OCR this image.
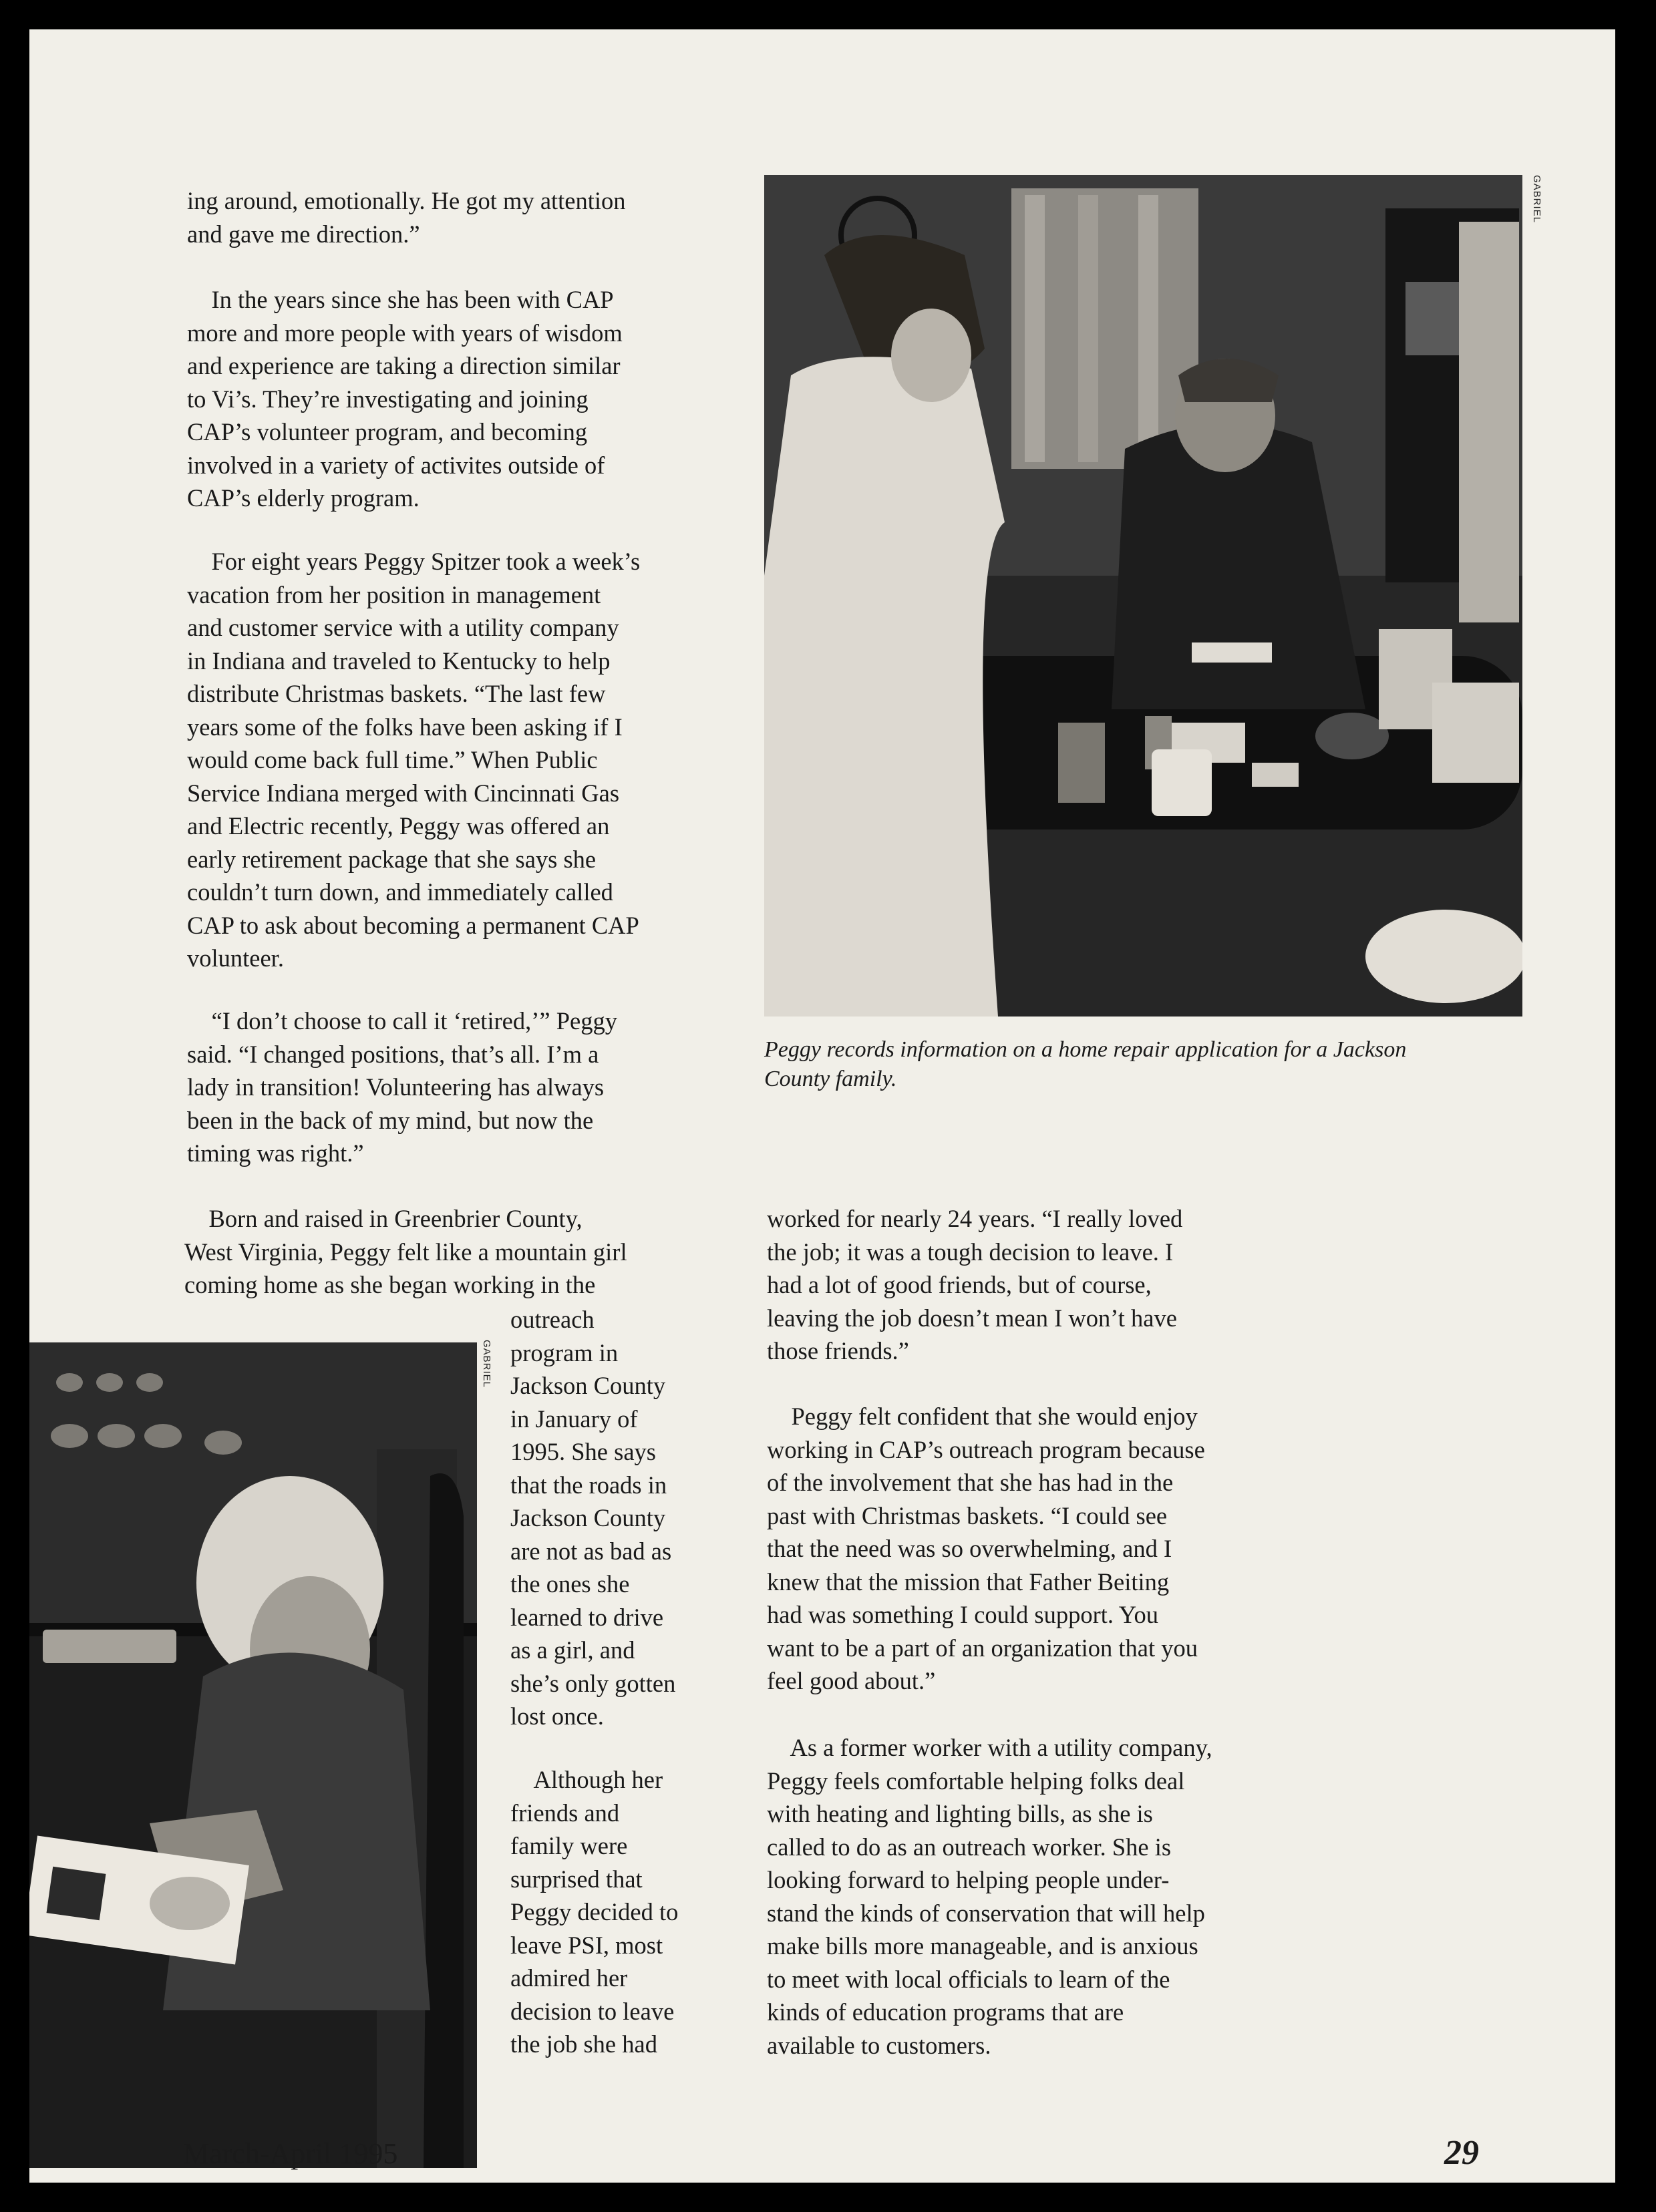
ing around, emotionally. He got my attention
and gave me direction.”

In the years since she has been with CAP
more and more people with years of wisdom
and experience are taking a direction similar
to Vi’s. They’re investigating and joining
CAP’s volunteer program, and becoming
involved in a variety of activites outside of
CAP’s elderly program.

For eight years Peggy Spitzer took a week’s
vacation from her position in management
and customer service with a utility company
in Indiana and traveled to Kentucky to help
distribute Christmas baskets. “The last few
years some of the folks have been asking if I
would come back full time.” When Public
Service Indiana merged with Cincinnati Gas
and Electric recently, Peggy was offered an
early retirement package that she says she
couldn’t turn down, and immediately called
CAP to ask about becoming a permanent CAP
volunteer.

“I don’t choose to call it ‘retired,’” Peggy
said. “I changed positions, that’s all. I’m a
lady in transition! Volunteering has always
been in the back of my mind, but now the
timing was right.”

Born and raised in Greenbrier County,
West Virginia, Peggy felt like a mountain girl
coming home as she began working in the

outreach
program in
Jackson County
in January of
1995. She says
that the roads in
Jackson County
are not as bad as
the ones she
learned to drive
as a girl, and
she’s only gotten
lost once.

Although her
friends and
family were
surprised that
Peggy decided to
leave PSI, most
admired her
decision to leave
the job she had

worked for nearly 24 years. “I really loved
the job; it was a tough decision to leave. I
had a lot of good friends, but of course,
leaving the job doesn’t mean I won’t have
those friends.”

Peggy felt confident that she would enjoy
working in CAP’s outreach program because
of the involvement that she has had in the
past with Christmas baskets. “I could see
that the need was so overwhelming, and I
knew that the mission that Father Beiting
had was something I could support. You
want to be a part of an organization that you
feel good about.”

As a former worker with a utility company,
Peggy feels comfortable helping folks deal
with heating and lighting bills, as she is
called to do as an outreach worker. She is
looking forward to helping people under-
stand the kinds of conservation that will help
make bills more manageable, and is anxious
to meet with local officials to learn of the
kinds of education programs that are
available to customers.

GABRIEL

Peggy records information on a home repair application for a Jackson
County family.

GABRIEL
March-April 1995	29
